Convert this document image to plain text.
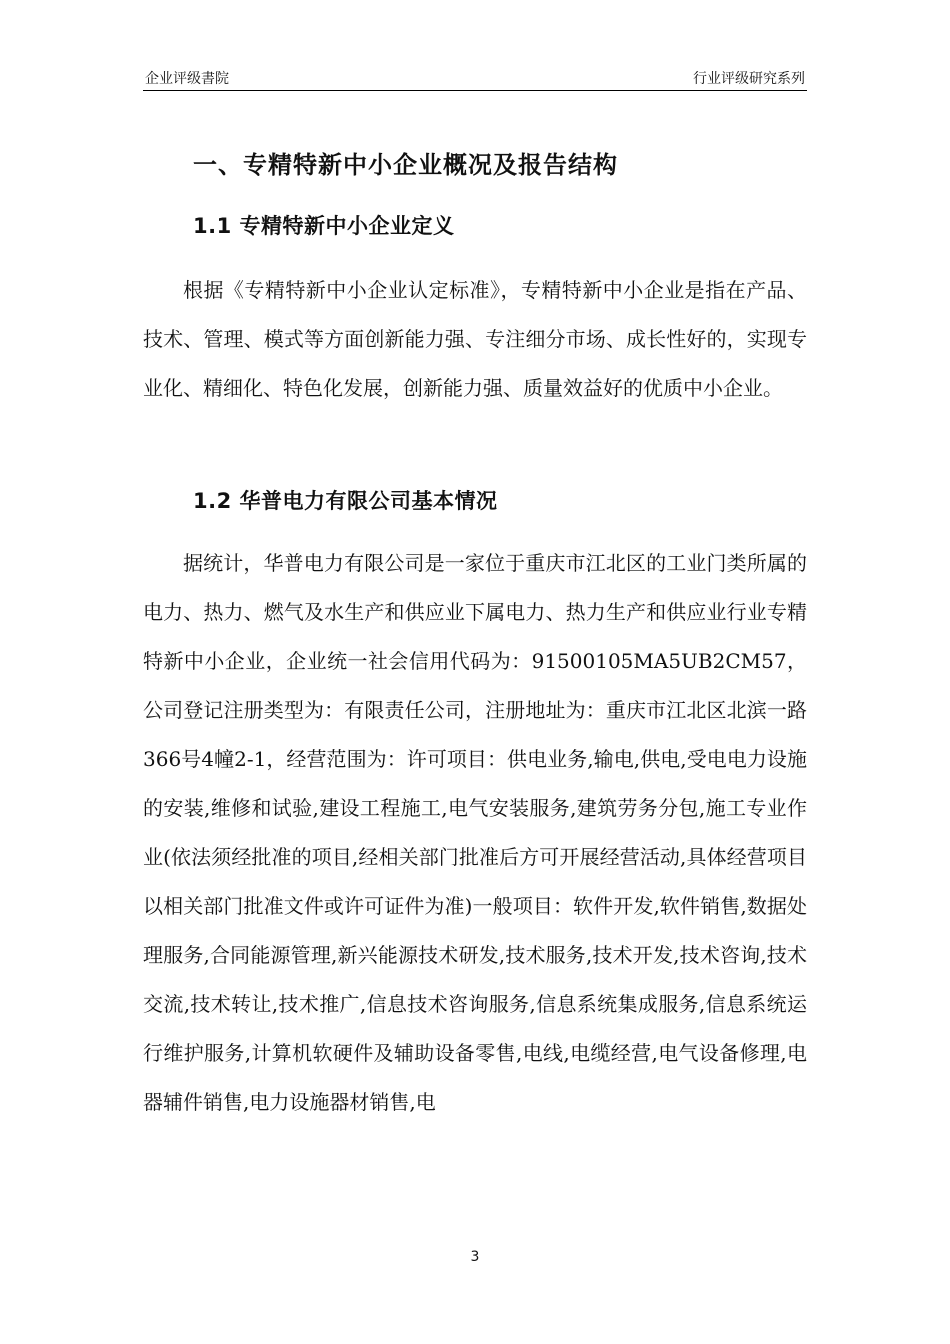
企业评级書院	行业评级研究系列
一、专精特新中小企业概况及报告结构
1.1 专精特新中小企业定义

根据《专精特新中小企业认定标准》，专精特新中小企业是指在产品、技术、管理、模式等方面创新能力强、专注细分市场、成长性好的，实现专业化、精细化、特色化发展，创新能力强、质量效益好的优质中小企业。

1.2 华普电力有限公司基本情况

据统计，华普电力有限公司是一家位于重庆市江北区的工业门类所属的电力、热力、燃气及水生产和供应业下属电力、热力生产和供应业行业专精特新中小企业，企业统一社会信用代码为：91500105MA5UB2CM57，公司登记注册类型为：有限责任公司，注册地址为：重庆市江北区北滨一路366号4幢2-1，经营范围为：许可项目：供电业务,输电,供电,受电电力设施的安装,维修和试验,建设工程施工,电气安装服务,建筑劳务分包,施工专业作业(依法须经批准的项目,经相关部门批准后方可开展经营活动,具体经营项目以相关部门批准文件或许可证件为准)一般项目：软件开发,软件销售,数据处理服务,合同能源管理,新兴能源技术研发,技术服务,技术开发,技术咨询,技术交流,技术转让,技术推广,信息技术咨询服务,信息系统集成服务,信息系统运行维护服务,计算机软硬件及辅助设备零售,电线,电缆经营,电气设备修理,电器辅件销售,电力设施器材销售,电

3
